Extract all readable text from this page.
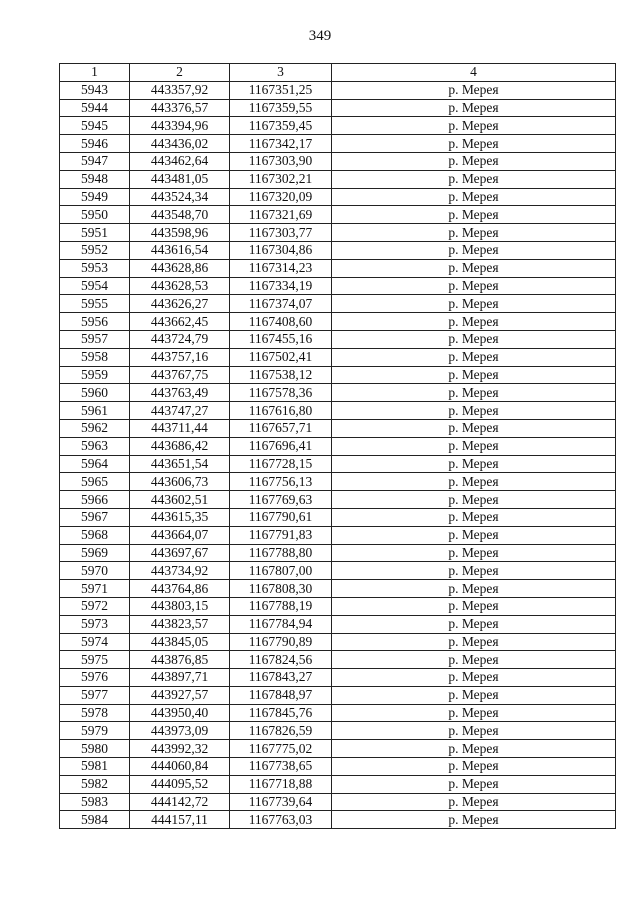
349
1	2	3	4
5943	443357,92	1167351,25	р. Мерея
5944	443376,57	1167359,55	р. Мерея
5945	443394,96	1167359,45	р. Мерея
5946	443436,02	1167342,17	р. Мерея
5947	443462,64	1167303,90	р. Мерея
5948	443481,05	1167302,21	р. Мерея
5949	443524,34	1167320,09	р. Мерея
5950	443548,70	1167321,69	р. Мерея
5951	443598,96	1167303,77	р. Мерея
5952	443616,54	1167304,86	р. Мерея
5953	443628,86	1167314,23	р. Мерея
5954	443628,53	1167334,19	р. Мерея
5955	443626,27	1167374,07	р. Мерея
5956	443662,45	1167408,60	р. Мерея
5957	443724,79	1167455,16	р. Мерея
5958	443757,16	1167502,41	р. Мерея
5959	443767,75	1167538,12	р. Мерея
5960	443763,49	1167578,36	р. Мерея
5961	443747,27	1167616,80	р. Мерея
5962	443711,44	1167657,71	р. Мерея
5963	443686,42	1167696,41	р. Мерея
5964	443651,54	1167728,15	р. Мерея
5965	443606,73	1167756,13	р. Мерея
5966	443602,51	1167769,63	р. Мерея
5967	443615,35	1167790,61	р. Мерея
5968	443664,07	1167791,83	р. Мерея
5969	443697,67	1167788,80	р. Мерея
5970	443734,92	1167807,00	р. Мерея
5971	443764,86	1167808,30	р. Мерея
5972	443803,15	1167788,19	р. Мерея
5973	443823,57	1167784,94	р. Мерея
5974	443845,05	1167790,89	р. Мерея
5975	443876,85	1167824,56	р. Мерея
5976	443897,71	1167843,27	р. Мерея
5977	443927,57	1167848,97	р. Мерея
5978	443950,40	1167845,76	р. Мерея
5979	443973,09	1167826,59	р. Мерея
5980	443992,32	1167775,02	р. Мерея
5981	444060,84	1167738,65	р. Мерея
5982	444095,52	1167718,88	р. Мерея
5983	444142,72	1167739,64	р. Мерея
5984	444157,11	1167763,03	р. Мерея
